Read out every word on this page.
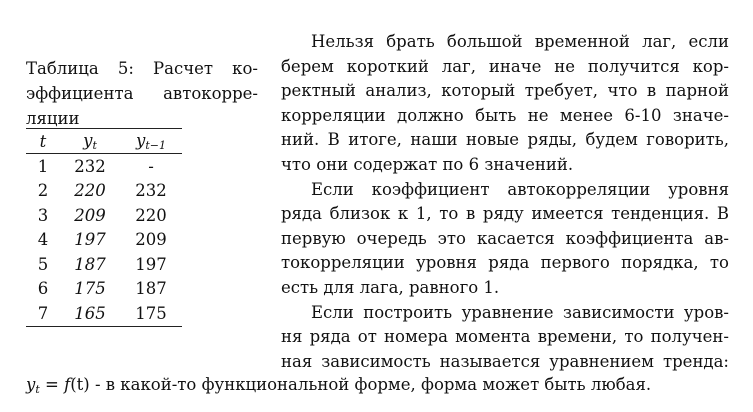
Таблица 5: Расчет ко-
эффициента автокорре-
ляции
t	$y_t$	$y_{t-1}$
1	232	-
2	220	232
3	209	220
4	197	209
5	187	197
6	175	187
7	165	175
Нельзя брать большой временной лаг, если
берем короткий лаг, иначе не получится кор-
ректный анализ, который требует, что в парной
корреляции должно быть не менее 6-10 значе-
ний. В итоге, наши новые ряды, будем говорить,
что они содержат по 6 значений.
Если коэффициент автокорреляции уровня
ряда близок к 1, то в ряду имеется тенденция. В
первую очередь это касается коэффициента ав-
токорреляции уровня ряда первого порядка, то
есть для лага, равного 1.
Если построить уравнение зависимости уров-
ня ряда от номера момента времени, то получен-
ная зависимость называется уравнением тренда:
$y_t = f(t) - в$ какой-то функциональной форме, форма может быть любая.
